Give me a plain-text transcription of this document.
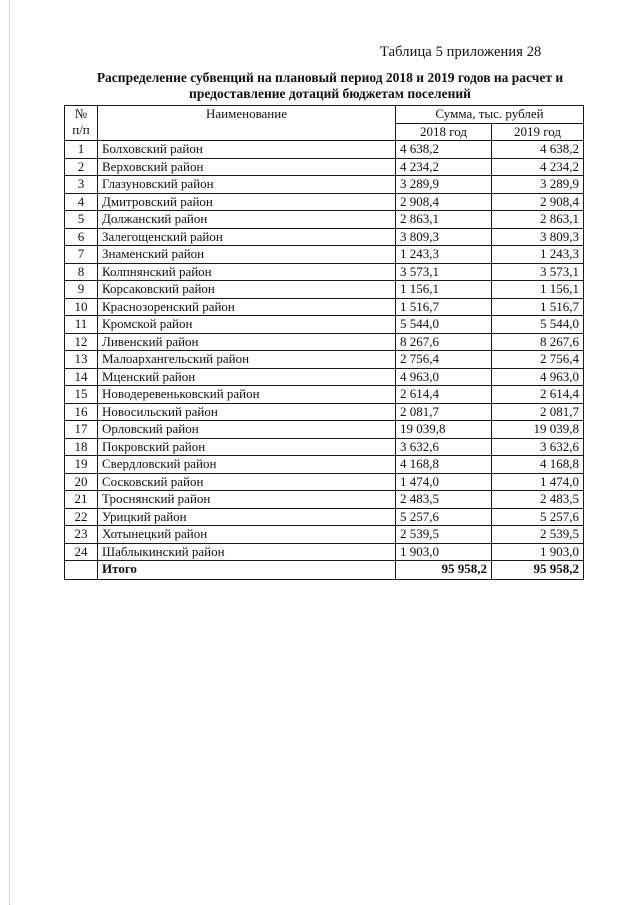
Таблица 5 приложения 28
Распределение субвенций на плановый период 2018 и 2019 годов на расчет и
предоставление дотаций бюджетам поселений
№
п/п	Наименование	Сумма, тыс. рублей	
		2018 год	2019 год
1	Болховский район	4 638,2	4 638,2
2	Верховский район	4 234,2	4 234,2
3	Глазуновский район	3 289,9	3 289,9
4	Дмитровский район	2 908,4	2 908,4
5	Должанский район	2 863,1	2 863,1
6	Залегощенский район	3 809,3	3 809,3
7	Знаменский район	1 243,3	1 243,3
8	Колпнянский район	3 573,1	3 573,1
9	Корсаковский район	1 156,1	1 156,1
10	Краснозоренский район	1 516,7	1 516,7
11	Кромской район	5 544,0	5 544,0
12	Ливенский район	8 267,6	8 267,6
13	Малоархангельский район	2 756,4	2 756,4
14	Мценский район	4 963,0	4 963,0
15	Новодеревеньковский район	2 614,4	2 614,4
16	Новосильский район	2 081,7	2 081,7
17	Орловский район	19 039,8	19 039,8
18	Покровский район	3 632,6	3 632,6
19	Свердловский район	4 168,8	4 168,8
20	Сосковский район	1 474,0	1 474,0
21	Троснянский район	2 483,5	2 483,5
22	Урицкий район	5 257,6	5 257,6
23	Хотынецкий район	2 539,5	2 539,5
24	Шаблыкинский район	1 903,0	1 903,0
	Итого	95 958,2	95 958,2
